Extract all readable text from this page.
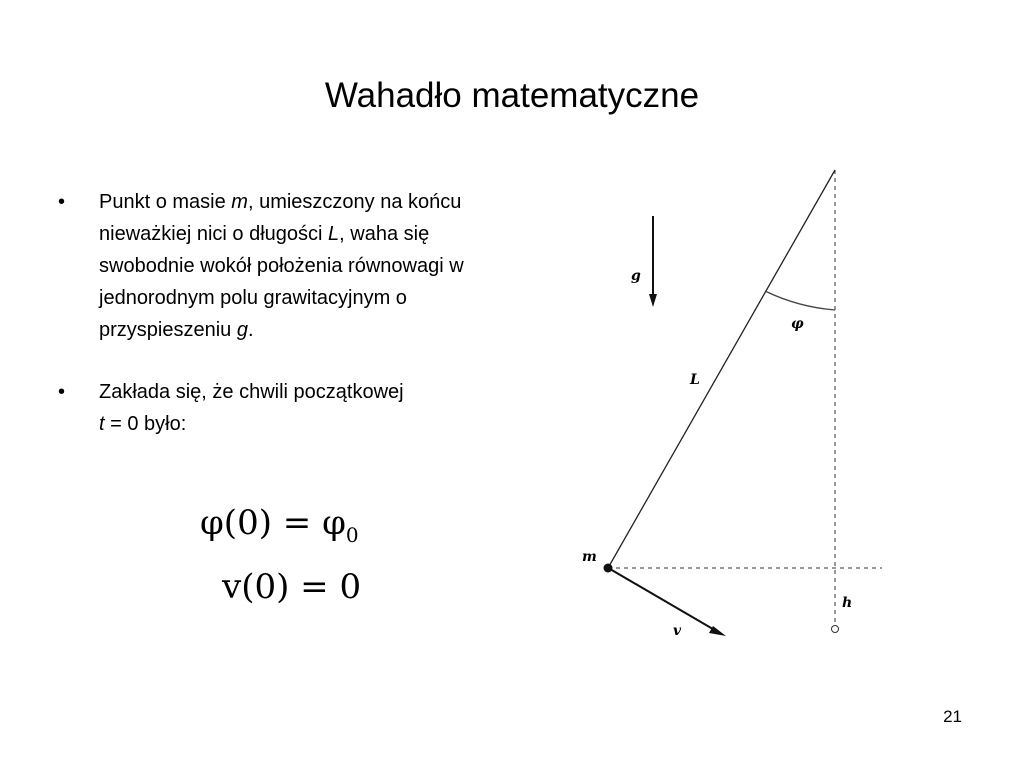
Wahadło matematyczne
• Punkt o masie m, umieszczony na końcu nieważkiej nici o długości L, waha się swobodnie wokół położenia równowagi w jednorodnym polu grawitacyjnym o przyspieszeniu g.
• Zakłada się, że chwili początkowej
t = 0 było:
$\varphi(0) = \varphi_0$
v(0) = 0
g
φ
L
m
h
v
21
